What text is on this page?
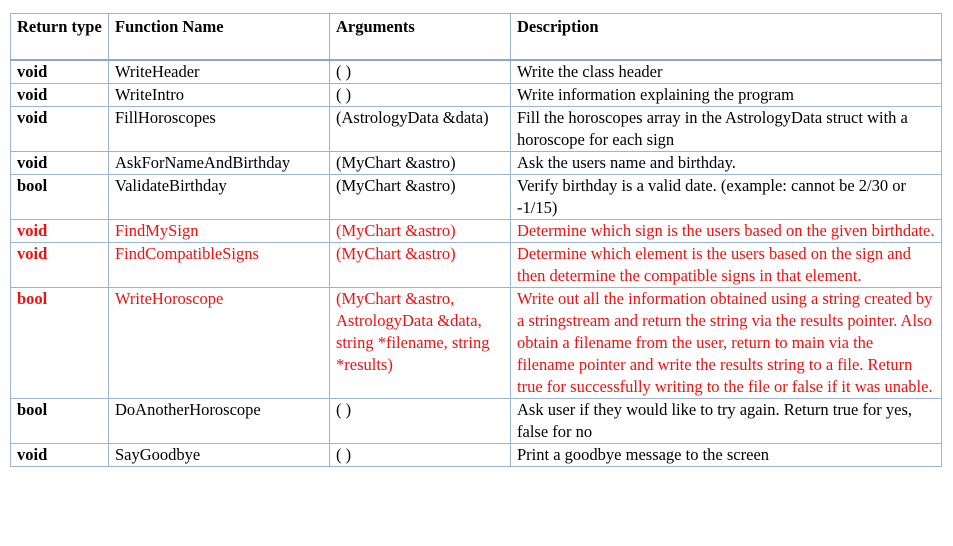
Return type	Function Name	Arguments	Description
void	WriteHeader	( )	Write the class header
void	WriteIntro	( )	Write information explaining the program
void	FillHoroscopes	(AstrologyData &data)	Fill the horoscopes array in the AstrologyData struct with a horoscope for each sign
void	AskForNameAndBirthday	(MyChart &astro)	Ask the users name and birthday.
bool	ValidateBirthday	(MyChart &astro)	Verify birthday is a valid date. (example: cannot be 2/30 or -1/15)
void	FindMySign	(MyChart &astro)	Determine which sign is the users based on the given birthdate.
void	FindCompatibleSigns	(MyChart &astro)	Determine which element is the users based on the sign and then determine the compatible signs in that element.
bool	WriteHoroscope	(MyChart &astro, AstrologyData &data, string *filename, string *results)	Write out all the information obtained using a string created by a stringstream and return the string via the results pointer. Also obtain a filename from the user, return to main via the filename pointer and write the results string to a file. Return true for successfully writing to the file or false if it was unable.
bool	DoAnotherHoroscope	( )	Ask user if they would like to try again. Return true for yes, false for no
void	SayGoodbye	( )	Print a goodbye message to the screen
